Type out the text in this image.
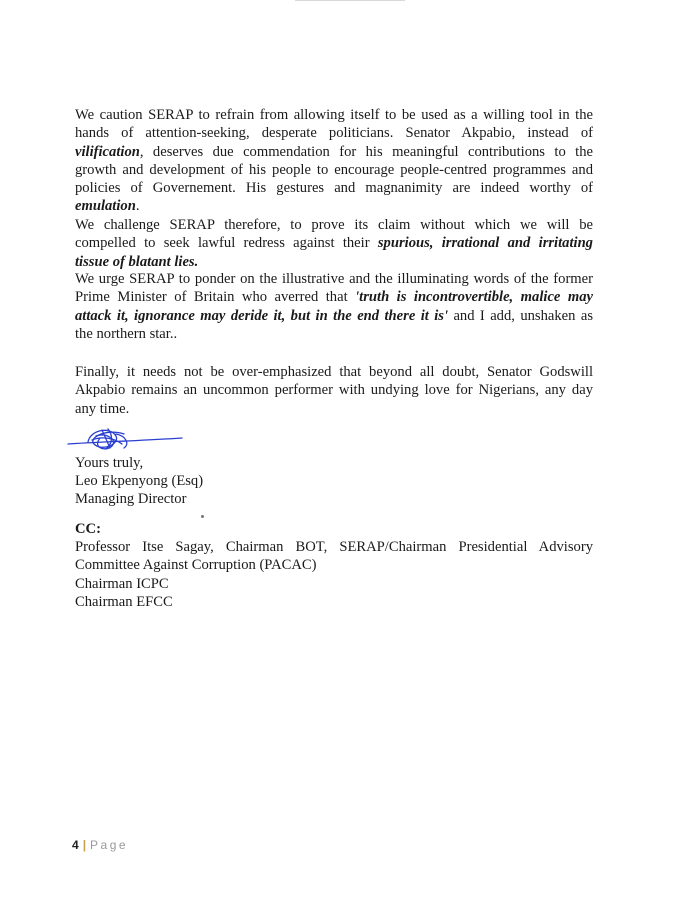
We caution SERAP to refrain from allowing itself to be used as a willing tool in the
hands of attention-seeking, desperate politicians. Senator Akpabio, instead of
vilification, deserves due commendation for his meaningful contributions to the
growth and development of his people to encourage people-centred programmes and
policies of Governement. His gestures and magnanimity are indeed worthy of
emulation.
We challenge SERAP therefore, to prove its claim without which we will be
compelled to seek lawful redress against their spurious, irrational and irritating
tissue of blatant lies.
We urge SERAP to ponder on the illustrative and the illuminating words of the former
Prime Minister of Britain who averred that 'truth is incontrovertible, malice may
attack it, ignorance may deride it, but in the end there it is' and I add, unshaken as
the northern star..
Finally, it needs not be over-emphasized that beyond all doubt, Senator Godswill
Akpabio remains an uncommon performer with undying love for Nigerians, any day
any time.
Yours truly,
Leo Ekpenyong (Esq)
Managing Director
CC:
Professor Itse Sagay, Chairman BOT, SERAP/Chairman Presidential Advisory
Committee Against Corruption (PACAC)
Chairman ICPC
Chairman EFCC
4 | Page
